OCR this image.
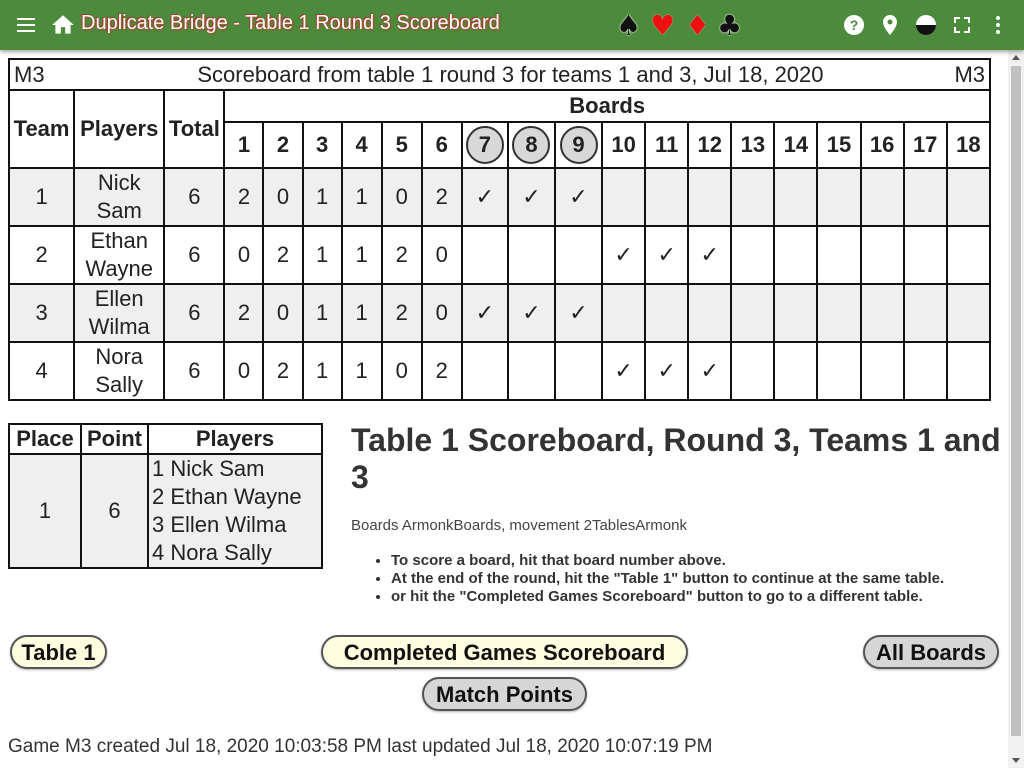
Duplicate Bridge - Table 1 Round 3 Scoreboard	♠ ♥ ♦ ♣	?
M3	Scoreboard from table 1 round 3 for teams 1 and 3, Jul 18, 2020																			M3
Team	Players	Total	Boards																	
			1	2	3	4	5	6	7	8	9	10	11	12	13	14	15	16	17	18
1	Nick
Sam	6	2	0	1	1	0	2	✓	✓	✓									
2	Ethan
Wayne	6	0	2	1	1	2	0				✓	✓	✓						
3	Ellen
Wilma	6	2	0	1	1	2	0	✓	✓	✓									
4	Nora
Sally	6	0	2	1	1	0	2				✓	✓	✓						
Place	Point	Players
1	6	1 Nick Sam
2 Ethan Wayne
3 Ellen Wilma
4 Nora Sally
Table 1 Scoreboard, Round 3, Teams 1 and 3
Boards ArmonkBoards, movement 2TablesArmonk
• To score a board, hit that board number above.
• At the end of the round, hit the "Table 1" button to continue at the same table.
• or hit the "Completed Games Scoreboard" button to go to a different table.
Table 1	Completed Games Scoreboard	All Boards
Match Points
Game M3 created Jul 18, 2020 10:03:58 PM last updated Jul 18, 2020 10:07:19 PM
